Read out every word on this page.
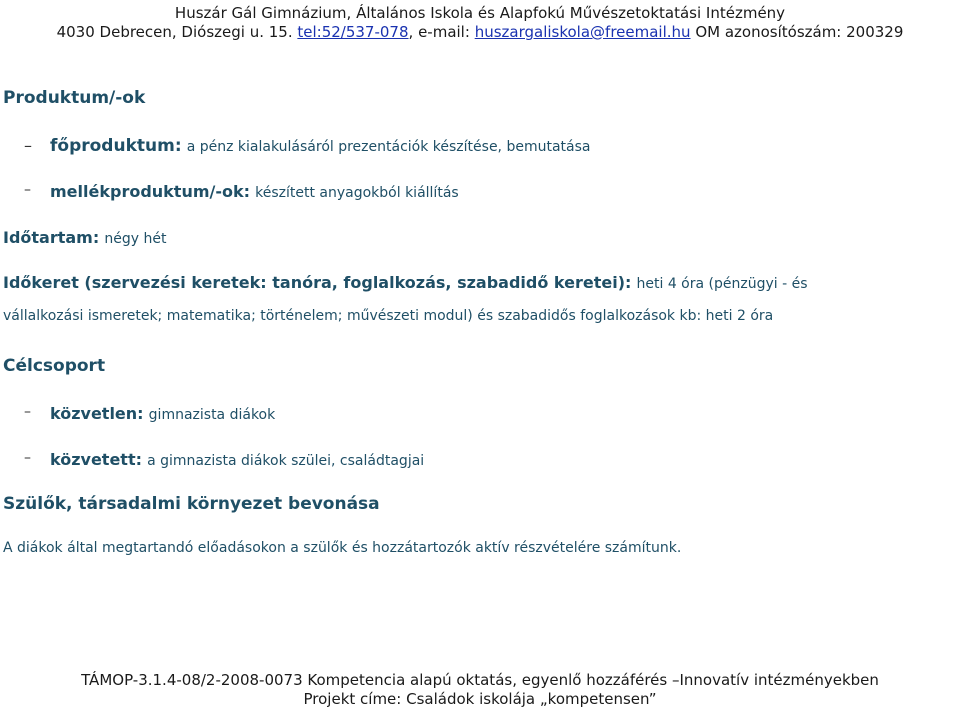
Huszár Gál Gimnázium, Általános Iskola és Alapfokú Művészetoktatási Intézmény
4030 Debrecen, Diószegi u. 15. tel:52/537-078, e-mail: huszargaliskola@freemail.hu OM azonosítószám: 200329
Produktum/-ok
– főproduktum: a pénz kialakulásáról prezentációk készítése, bemutatása
– mellékproduktum/-ok: készített anyagokból kiállítás
Időtartam: négy hét
Időkeret (szervezési keretek: tanóra, foglalkozás, szabadidő keretei): heti 4 óra (pénzügyi - és
vállalkozási ismeretek; matematika; történelem; művészeti modul) és szabadidős foglalkozások kb: heti 2 óra
Célcsoport
– közvetlen: gimnazista diákok
– közvetett: a gimnazista diákok szülei, családtagjai
Szülők, társadalmi környezet bevonása
A diákok által megtartandó előadásokon a szülők és hozzátartozók aktív részvételére számítunk.
TÁMOP-3.1.4-08/2-2008-0073 Kompetencia alapú oktatás, egyenlő hozzáférés –Innovatív intézményekben
Projekt címe: Családok iskolája „kompetensen”
